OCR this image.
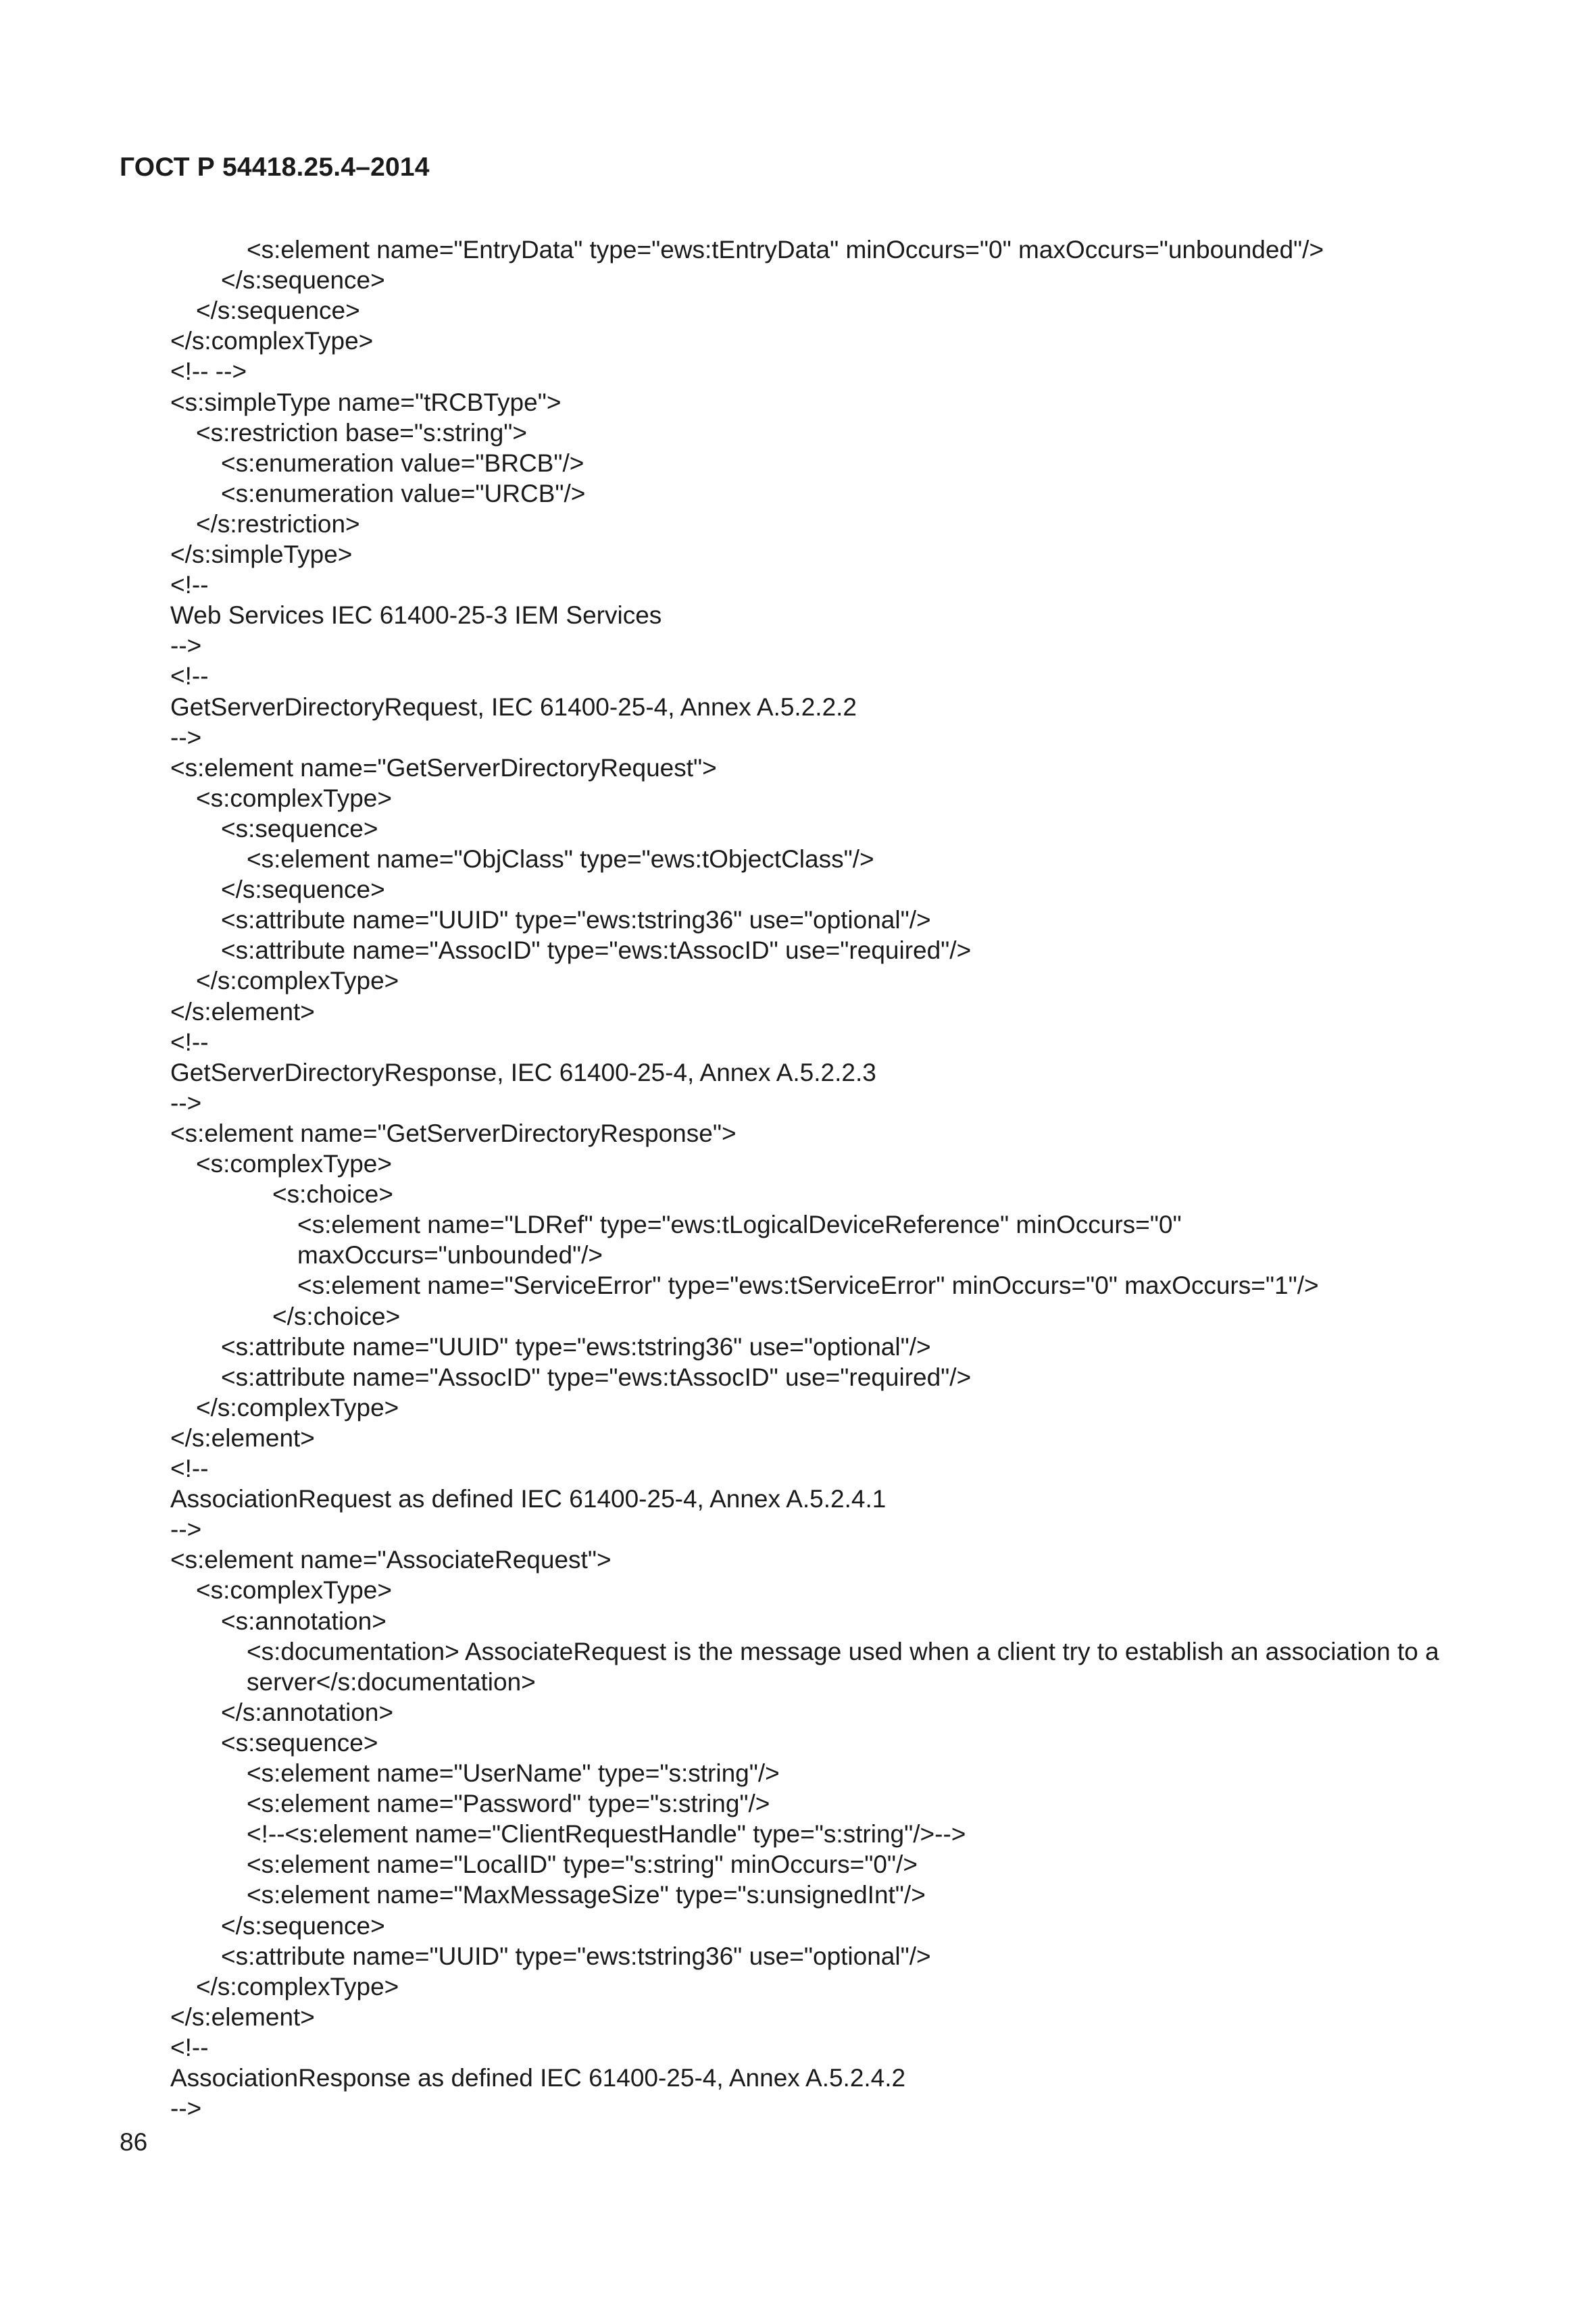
ГОСТ Р 54418.25.4–2014
<s:element name="EntryData" type="ews:tEntryData" minOccurs="0" maxOccurs="unbounded"/>
</s:sequence>
</s:sequence>
</s:complexType>
<!-- -->
<s:simpleType name="tRCBType">
<s:restriction base="s:string">
<s:enumeration value="BRCB"/>
<s:enumeration value="URCB"/>
</s:restriction>
</s:simpleType>
<!--
Web Services IEC 61400-25-3 IEM Services
-->
<!--
GetServerDirectoryRequest, IEC 61400-25-4, Annex A.5.2.2.2
-->
<s:element name="GetServerDirectoryRequest">
<s:complexType>
<s:sequence>
<s:element name="ObjClass" type="ews:tObjectClass"/>
</s:sequence>
<s:attribute name="UUID" type="ews:tstring36" use="optional"/>
<s:attribute name="AssocID" type="ews:tAssocID" use="required"/>
</s:complexType>
</s:element>
<!--
GetServerDirectoryResponse, IEC 61400-25-4, Annex A.5.2.2.3
-->
<s:element name="GetServerDirectoryResponse">
<s:complexType>
<s:choice>
<s:element name="LDRef" type="ews:tLogicalDeviceReference" minOccurs="0"
maxOccurs="unbounded"/>
<s:element name="ServiceError" type="ews:tServiceError" minOccurs="0" maxOccurs="1"/>
</s:choice>
<s:attribute name="UUID" type="ews:tstring36" use="optional"/>
<s:attribute name="AssocID" type="ews:tAssocID" use="required"/>
</s:complexType>
</s:element>
<!--
AssociationRequest as defined IEC 61400-25-4, Annex A.5.2.4.1
-->
<s:element name="AssociateRequest">
<s:complexType>
<s:annotation>
<s:documentation> AssociateRequest is the message used when a client try to establish an association to a
server</s:documentation>
</s:annotation>
<s:sequence>
<s:element name="UserName" type="s:string"/>
<s:element name="Password" type="s:string"/>
<!--<s:element name="ClientRequestHandle" type="s:string"/>-->
<s:element name="LocalID" type="s:string" minOccurs="0"/>
<s:element name="MaxMessageSize" type="s:unsignedInt"/>
</s:sequence>
<s:attribute name="UUID" type="ews:tstring36" use="optional"/>
</s:complexType>
</s:element>
<!--
AssociationResponse as defined IEC 61400-25-4, Annex A.5.2.4.2
-->
86
